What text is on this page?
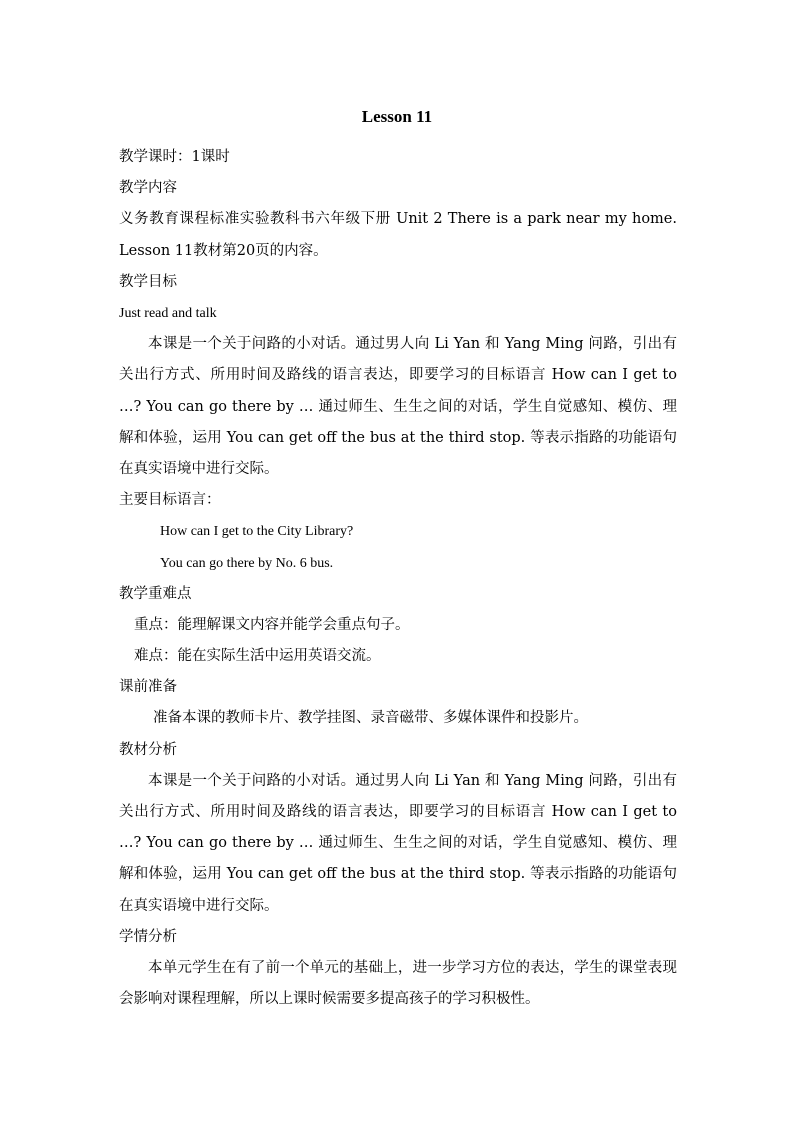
Lesson 11
教学课时：1课时
教学内容
义务教育课程标准实验教科书六年级下册 Unit 2 There is a park near my home. Lesson 11教材第20页的内容。
教学目标
Just read and talk
本课是一个关于问路的小对话。通过男人向 Li Yan 和 Yang Ming 问路，引出有关出行方式、所用时间及路线的语言表达，即要学习的目标语言 How can I get to …? You can go there by … 通过师生、生生之间的对话，学生自觉感知、模仿、理解和体验，运用 You can get off the bus at the third stop. 等表示指路的功能语句在真实语境中进行交际。
主要目标语言：
How can I get to the City Library?
You can go there by No. 6 bus.
教学重难点
重点：能理解课文内容并能学会重点句子。
难点：能在实际生活中运用英语交流。
课前准备
准备本课的教师卡片、教学挂图、录音磁带、多媒体课件和投影片。
教材分析
本课是一个关于问路的小对话。通过男人向 Li Yan 和 Yang Ming 问路，引出有关出行方式、所用时间及路线的语言表达，即要学习的目标语言 How can I get to …? You can go there by … 通过师生、生生之间的对话，学生自觉感知、模仿、理解和体验，运用 You can get off the bus at the third stop. 等表示指路的功能语句在真实语境中进行交际。
学情分析
本单元学生在有了前一个单元的基础上，进一步学习方位的表达，学生的课堂表现会影响对课程理解，所以上课时候需要多提高孩子的学习积极性。
